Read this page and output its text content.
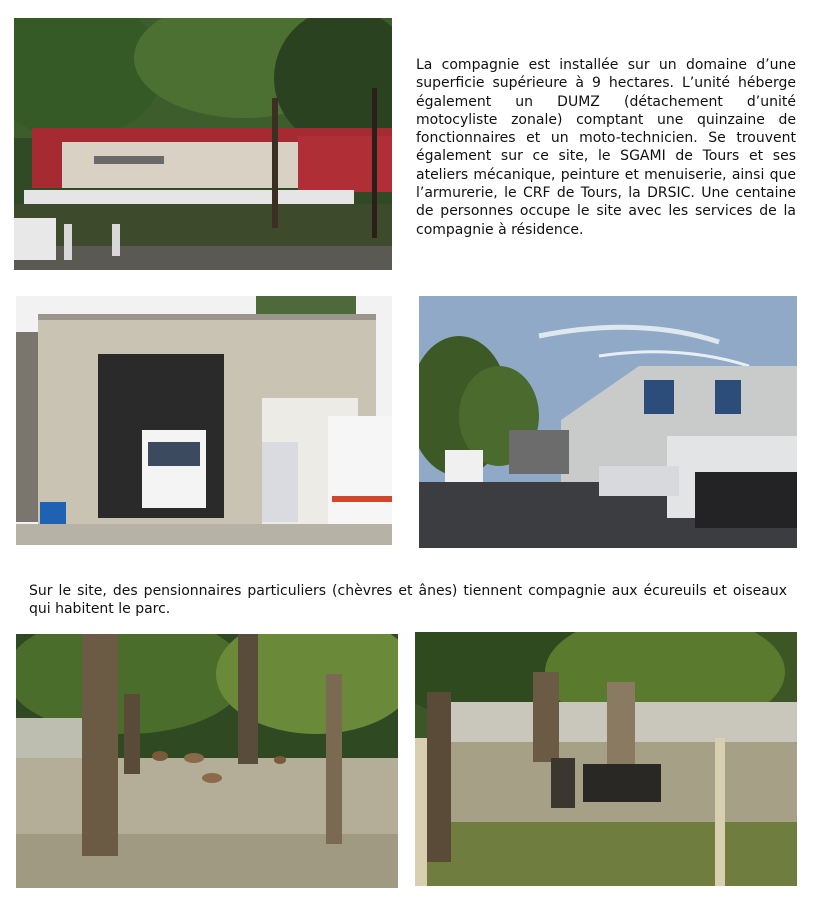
La compagnie est installée sur un domaine d’une superficie supérieure à 9 hectares. L’unité héberge également un DUMZ (détachement d’unité motocyliste zonale) comptant une quinzaine de fonctionnaires et un moto-technicien. Se trouvent également sur ce site, le SGAMI de Tours et ses ateliers mécanique, peinture et menuiserie, ainsi que l’armurerie, le CRF de Tours, la DRSIC. Une centaine de personnes occupe le site avec les services de la compagnie à résidence.

Sur le site, des pensionnaires particuliers (chèvres et ânes) tiennent compagnie aux écureuils et oiseaux qui habitent le parc.
